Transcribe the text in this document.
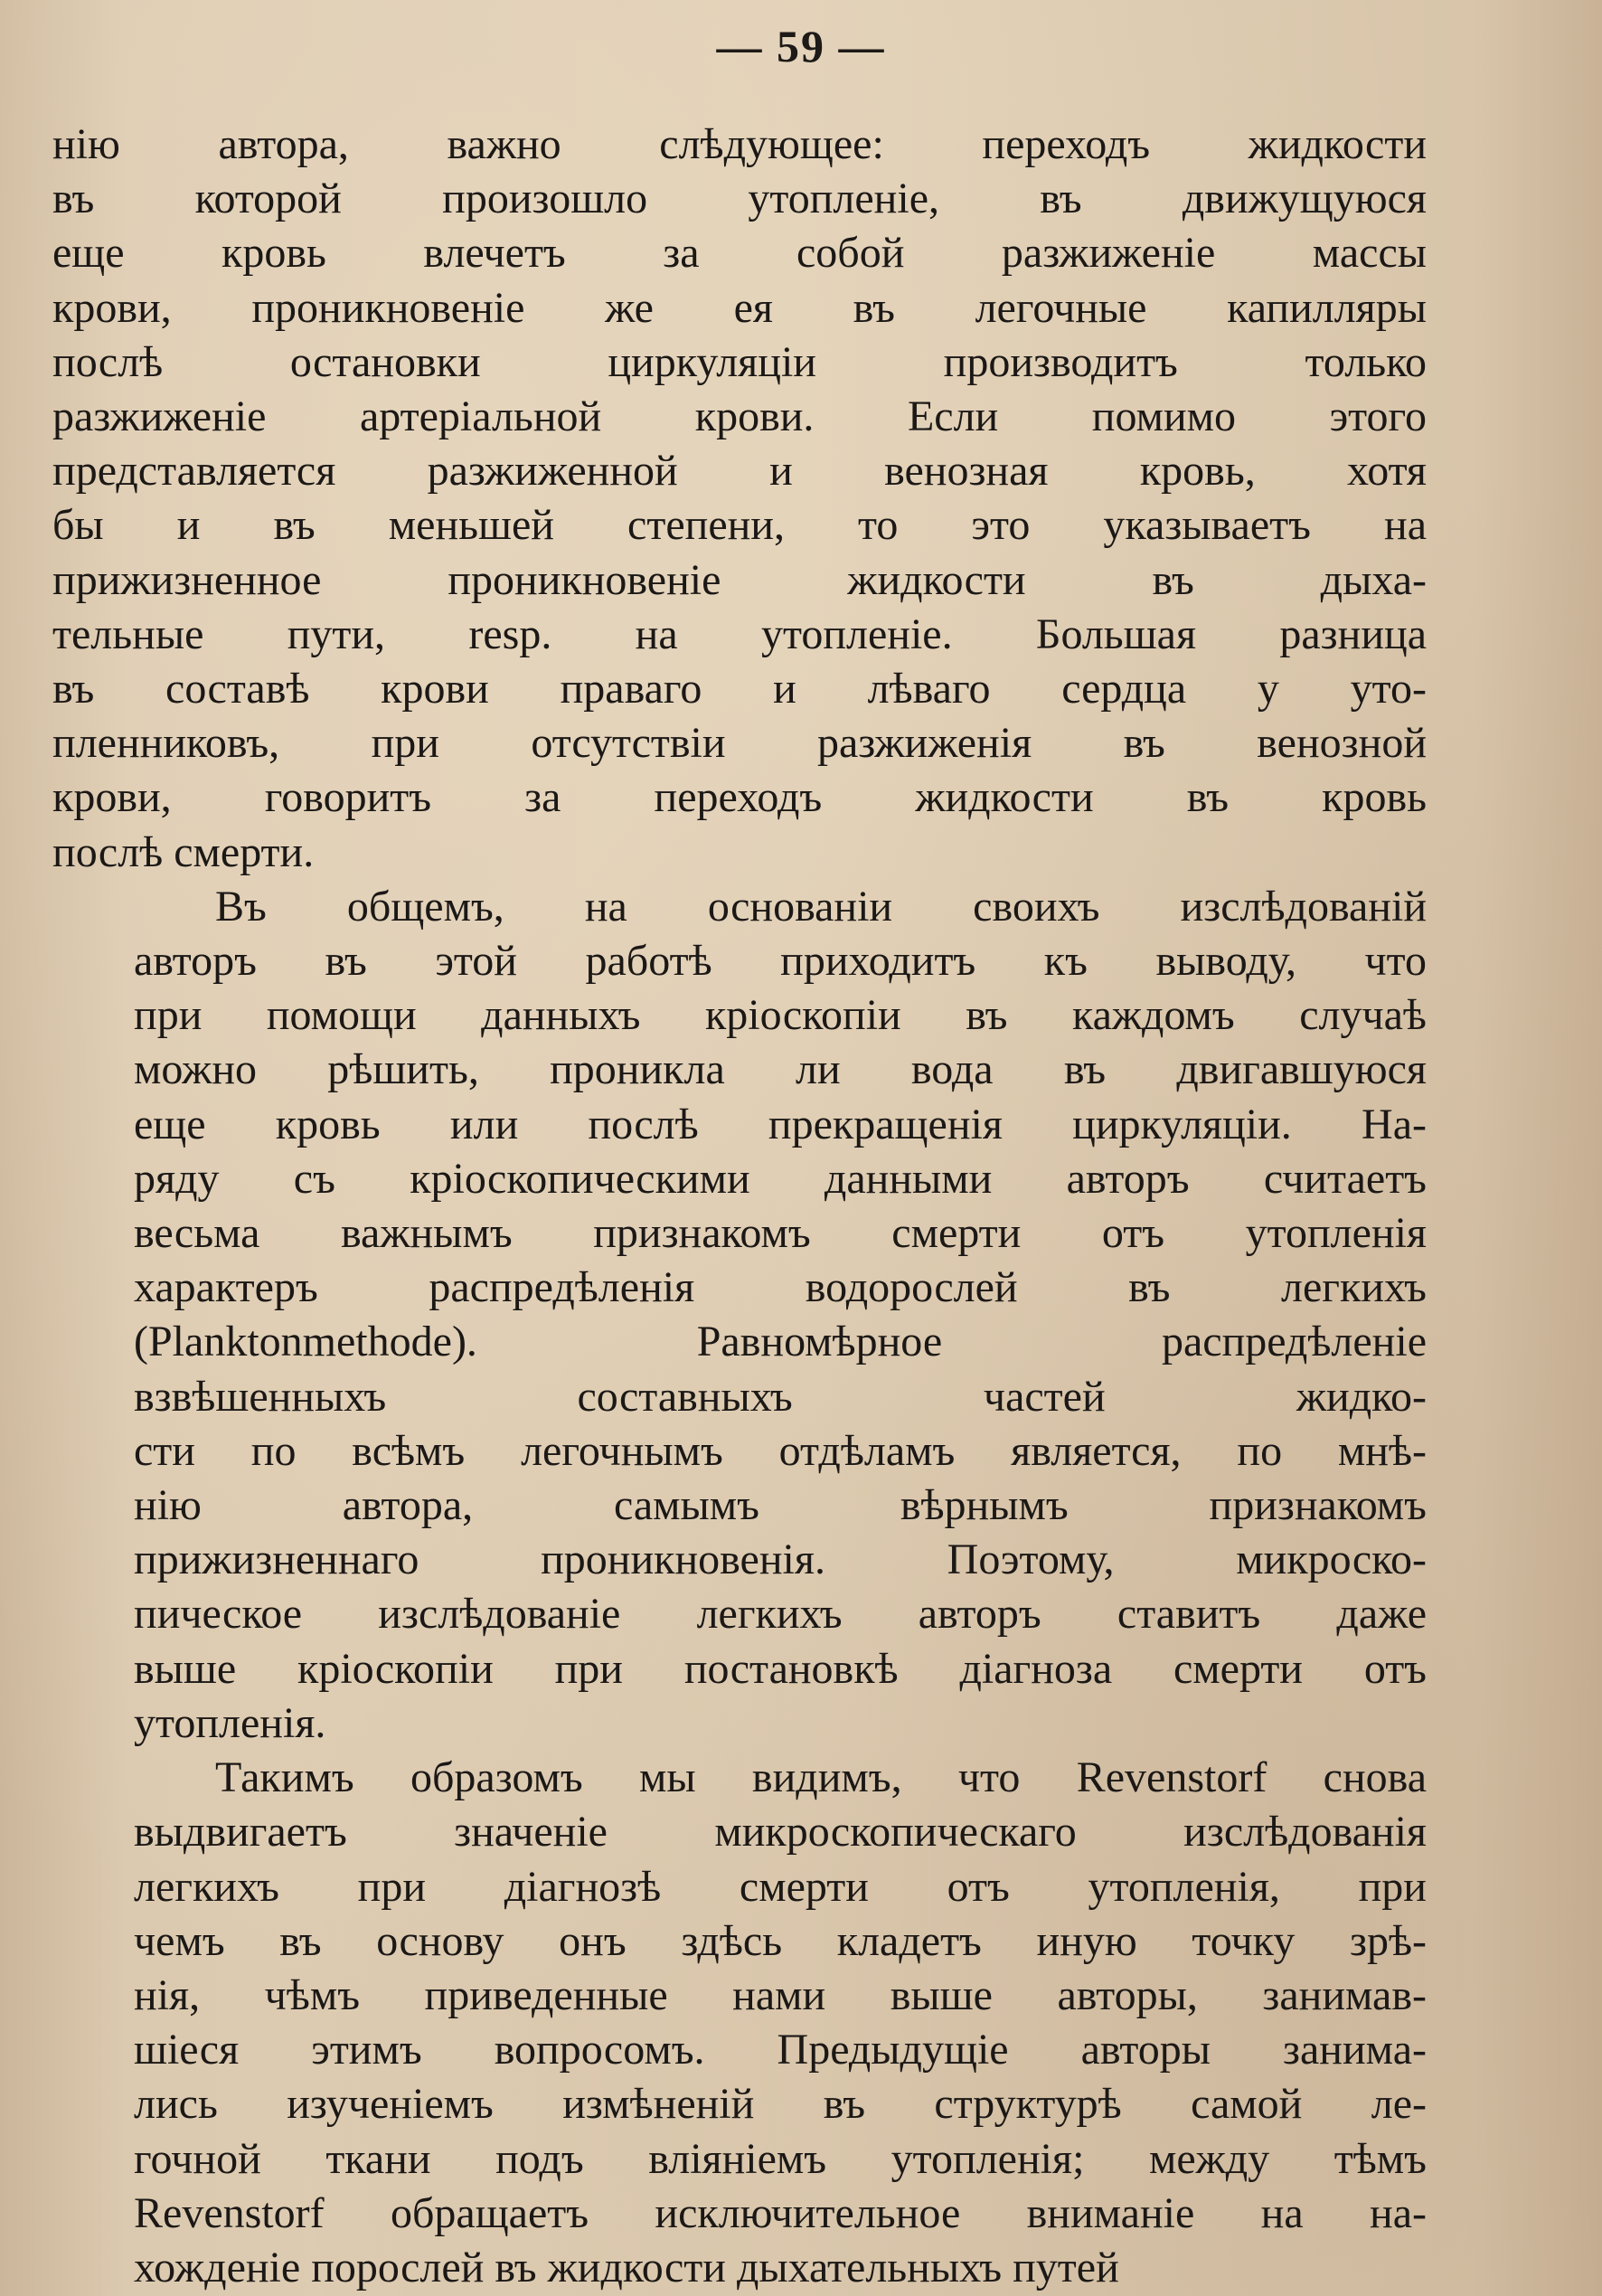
— 59 —
нію автора, важно слѣдующее: переходъ жидкости
въ которой произошло утопленіе, въ движущуюся
еще кровь влечетъ за собой разжиженіе массы
крови, проникновеніе же ея въ легочные капилляры
послѣ остановки циркуляціи производитъ только
разжиженіе артеріальной крови. Если помимо этого
представляется разжиженной и венозная кровь, хотя
бы и въ меньшей степени, то это указываетъ на
прижизненное проникновеніе жидкости въ дыха-
тельные пути, resp. на утопленіе. Большая разница
въ составѣ крови праваго и лѣваго сердца у уто-
пленниковъ, при отсутствіи разжиженія въ венозной
крови, говоритъ за переходъ жидкости въ кровь
послѣ смерти.
Въ общемъ, на основаніи своихъ изслѣдованій
авторъ въ этой работѣ приходитъ къ выводу, что
при помощи данныхъ кріоскопіи въ каждомъ случаѣ
можно рѣшить, проникла ли вода въ двигавшуюся
еще кровь или послѣ прекращенія циркуляціи. На-
ряду съ кріоскопическими данными авторъ считаетъ
весьма важнымъ признакомъ смерти отъ утопленія
характеръ распредѣленія водорослей въ легкихъ
(Planktonmethode). Равномѣрное распредѣленіе
взвѣшенныхъ составныхъ частей жидко-
сти по всѣмъ легочнымъ отдѣламъ является, по мнѣ-
нію автора, самымъ вѣрнымъ признакомъ
прижизненнаго проникновенія. Поэтому, микроско-
пическое изслѣдованіе легкихъ авторъ ставитъ даже
выше кріоскопіи при постановкѣ діагноза смерти отъ
утопленія.
Такимъ образомъ мы видимъ, что Revenstorf снова
выдвигаетъ значеніе микроскопическаго изслѣдованія
легкихъ при діагнозѣ смерти отъ утопленія, при
чемъ въ основу онъ здѣсь кладетъ иную точку зрѣ-
нія, чѣмъ приведенные нами выше авторы, занимав-
шіеся этимъ вопросомъ. Предыдущіе авторы занима-
лись изученіемъ измѣненій въ структурѣ самой ле-
гочной ткани подъ вліяніемъ утопленія; между тѣмъ
Revenstorf обращаетъ исключительное вниманіе на на-
хожденіе порослей въ жидкости дыхательныхъ путей
